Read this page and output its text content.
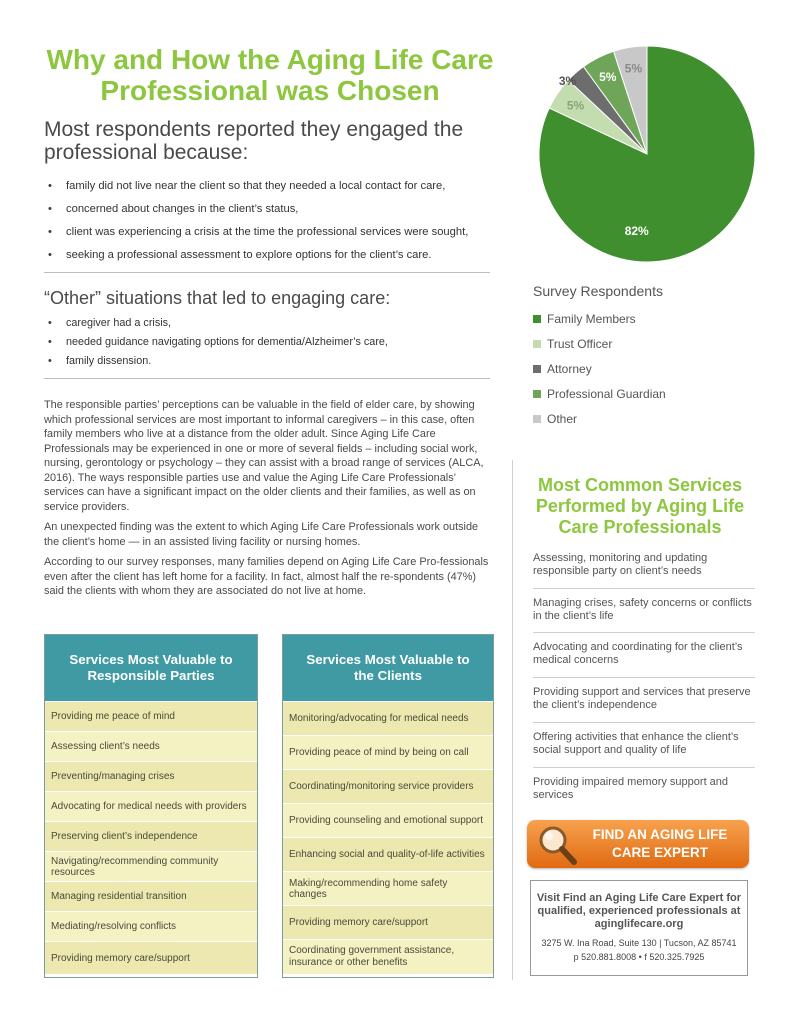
Why and How the Aging Life Care Professional was Chosen
Most respondents reported they engaged the professional because:
• family did not live near the client so that they needed a local contact for care,
• concerned about changes in the client’s status,
• client was experiencing a crisis at the time the professional services were sought,
• seeking a professional assessment to explore options for the client’s care.
“Other” situations that led to engaging care:
• caregiver had a crisis,
• needed guidance navigating options for dementia/Alzheimer’s care,
• family dissension.

The responsible parties’ perceptions can be valuable in the field of elder care, by showing which professional services are most important to informal caregivers – in this case, often family members who live at a distance from the older adult. Since Aging Life Care Professionals may be experienced in one or more of several fields – including social work, nursing, gerontology or psychology – they can assist with a broad range of services (ALCA, 2016). The ways responsible parties use and value the Aging Life Care Professionals’ services can have a significant impact on the older clients and their families, as well as on service providers.

An unexpected finding was the extent to which Aging Life Care Professionals work outside the client’s home — in an assisted living facility or nursing homes.

According to our survey responses, many families depend on Aging Life Care Pro-fessionals even after the client has left home for a facility. In fact, almost half the re-spondents (47%) said the clients with whom they are associated do not live at home.

Services Most Valuable to Responsible Parties
Providing me peace of mind
Assessing client’s needs
Preventing/managing crises
Advocating for medical needs with providers
Preserving client’s independence
Navigating/recommending community resources
Managing residential transition
Mediating/resolving conflicts
Providing memory care/support
Services Most Valuable to the Clients
Monitoring/advocating for medical needs
Providing peace of mind by being on call
Coordinating/monitoring service providers
Providing counseling and emotional support
Enhancing social and quality-of-life activities
Making/recommending home safety changes
Providing memory care/support
Coordinating government assistance, insurance or other benefits
82%
5%
3% 5%
5%
Survey Respondents
Family Members
Trust Officer
Attorney
Professional Guardian
Other
Most Common Services Performed by Aging Life Care Professionals
Assessing, monitoring and updating responsible party on client’s needs
Managing crises, safety concerns or conflicts in the client’s life
Advocating and coordinating for the client’s medical concerns
Providing support and services that preserve the client’s independence
Offering activities that enhance the client’s social support and quality of life
Providing impaired memory support and services
FIND AN AGING LIFE
CARE EXPERT
Visit Find an Aging Life Care Expert for qualified, experienced professionals at aginglifecare.org
3275 W. Ina Road, Suite 130 | Tucson, AZ 85741
p 520.881.8008 • f 520.325.7925
